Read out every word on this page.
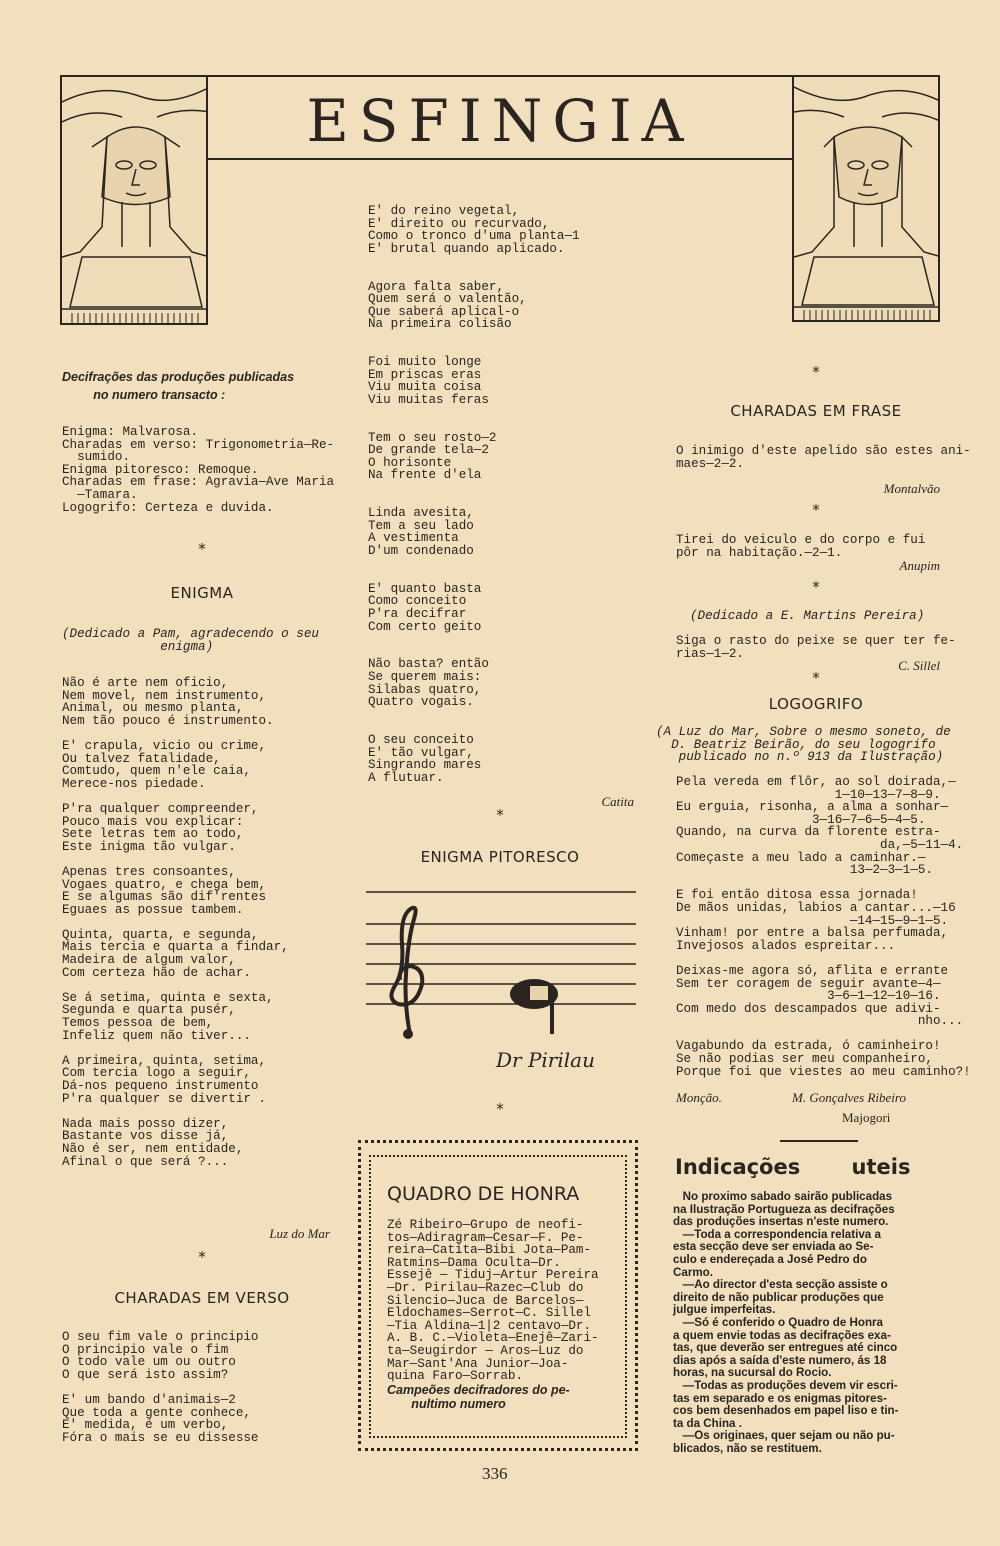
ESFINGIA
Decifrações das produções publicadas
no numero transacto :
Enigma: Malvarosa.
Charadas em verso: Trigonometria—Re-
sumido.
Enigma pitoresco: Remoque.
Charadas em frase: Agravia—Ave Maria
—Tamara.
Logogrifo: Certeza e duvida.
*
ENIGMA
(Dedicado a Pam, agradecendo o seu
enigma)
Não é arte nem oficio,
Nem movel, nem instrumento,
Animal, ou mesmo planta,
Nem tão pouco é instrumento.

E' crapula, vicio ou crime,
Ou talvez fatalidade,
Comtudo, quem n'ele caia,
Merece-nos piedade.

P'ra qualquer compreender,
Pouco mais vou explicar:
Sete letras tem ao todo,
Este inigma tão vulgar.

Apenas tres consoantes,
Vogaes quatro, e chega bem,
E se algumas são dif'rentes
Eguaes as possue tambem.

Quinta, quarta, e segunda,
Mais tercia e quarta a findar,
Madeira de algum valor,
Com certeza hão de achar.

Se á setima, quinta e sexta,
Segunda e quarta pusér,
Temos pessoa de bem,
Infeliz quem não tiver...

A primeira, quinta, setima,
Com tercia logo a seguir,
Dá-nos pequeno instrumento
P'ra qualquer se divertir .

Nada mais posso dizer,
Bastante vos disse já,
Não é ser, nem entidade,
Afinal o que será ?...
Luz do Mar
*
CHARADAS EM VERSO
O seu fim vale o principio
O principio vale o fim
O todo vale um ou outro
O que será isto assim?

E' um bando d'animais—2
Que toda a gente conhece,
E' medida, é um verbo,
Fóra o mais se eu dissesse
E' do reino vegetal,
E' direito ou recurvado,
Como o tronco d'uma planta—1
E' brutal quando aplicado.

Agora falta saber,
Quem será o valentão,
Que saberá aplical-o
Na primeira colisão

Foi muito longe
Em priscas eras
Viu muita coisa
Viu muitas feras

Tem o seu rosto—2
De grande tela—2
O horisonte
Na frente d'ela

Linda avesita,
Tem a seu lado
A vestimenta
D'um condenado

E' quanto basta
Como conceito
P'ra decifrar
Com certo geito

Não basta? então
Se querem mais:
Silabas quatro,
Quatro vogais.

O seu conceito
E' tão vulgar,
Singrando mares
A flutuar.
Catita
*
ENIGMA PITORESCO
Dr Pirilau
*
QUADRO DE HONRA
Zé Ribeiro—Grupo de neofi-
tos—Adiragram—Cesar—F. Pe-
reira—Catita—Bibi Jota—Pam-
Ratmins—Dama Oculta—Dr.
Essejê — Tiduj—Artur Pereira
—Dr. Pirilau—Razec—Club do
Silencio—Juca de Barcelos—
Eldochames—Serrot—C. Sillel
—Tia Aldina—1|2 centavo—Dr.
A. B. C.—Violeta—Enejê—Zari-
ta—Seugirdor — Aros—Luz do
Mar—Sant'Ana Junior—Joa-
quina Faro—Sorrab.
Campeões decifradores do pe-
nultimo numero
336
*
CHARADAS EM FRASE
O inimigo d'este apelido são estes ani-
maes—2—2.
Montalvão
*
Tirei do veiculo e do corpo e fui
pôr na habitação.—2—1.
Anupim
*
(Dedicado a E. Martins Pereira)
Siga o rasto do peixe se quer ter fe-
rias—1—2.
C. Sillel
*
LOGOGRIFO
(A Luz do Mar, Sobre o mesmo soneto, de
D. Beatriz Beirão, do seu logogrifo
publicado no n.º 913 da Ilustração)
Pela vereda em flôr, ao sol doirada,—
1—10—13—7—8—9.
Eu erguia, risonha, a alma a sonhar—
3—16—7—6—5—4—5.
Quando, na curva da florente estra-
da,—5—11—4.
Começaste a meu lado a caminhar.—
13—2—3—1—5.

E foi então ditosa essa jornada!
De mãos unidas, labios a cantar...—16
—14—15—9—1—5.
Vinham! por entre a balsa perfumada,
Invejosos alados espreitar...

Deixas-me agora só, aflita e errante
Sem ter coragem de seguir avante—4—
3—6—1—12—10—16.
Com medo dos descampados que adivi-
nho...

Vagabundo da estrada, ó caminheiro!
Se não podias ser meu companheiro,
Porque foi que viestes ao meu caminho?!
Monção.	M. Gonçalves Ribeiro
Majogori
Indicações uteis
No proximo sabado sairão publicadas
na Ilustração Portugueza as decifrações
das produções insertas n'este numero.
—Toda a correspondencia relativa a
esta secção deve ser enviada ao Se-
culo e endereçada a José Pedro do
Carmo.
—Ao director d'esta secção assiste o
direito de não publicar produções que
julgue imperfeitas.
—Só é conferido o Quadro de Honra
a quem envie todas as decifrações exa-
tas, que deverão ser entregues até cinco
dias após a saída d'este numero, ás 18
horas, na sucursal do Rocio.
—Todas as produções devem vir escri-
tas em separado e os enigmas pitores-
cos bem desenhados em papel liso e tin-
ta da China .
—Os originaes, quer sejam ou não pu-
blicados, não se restituem.
